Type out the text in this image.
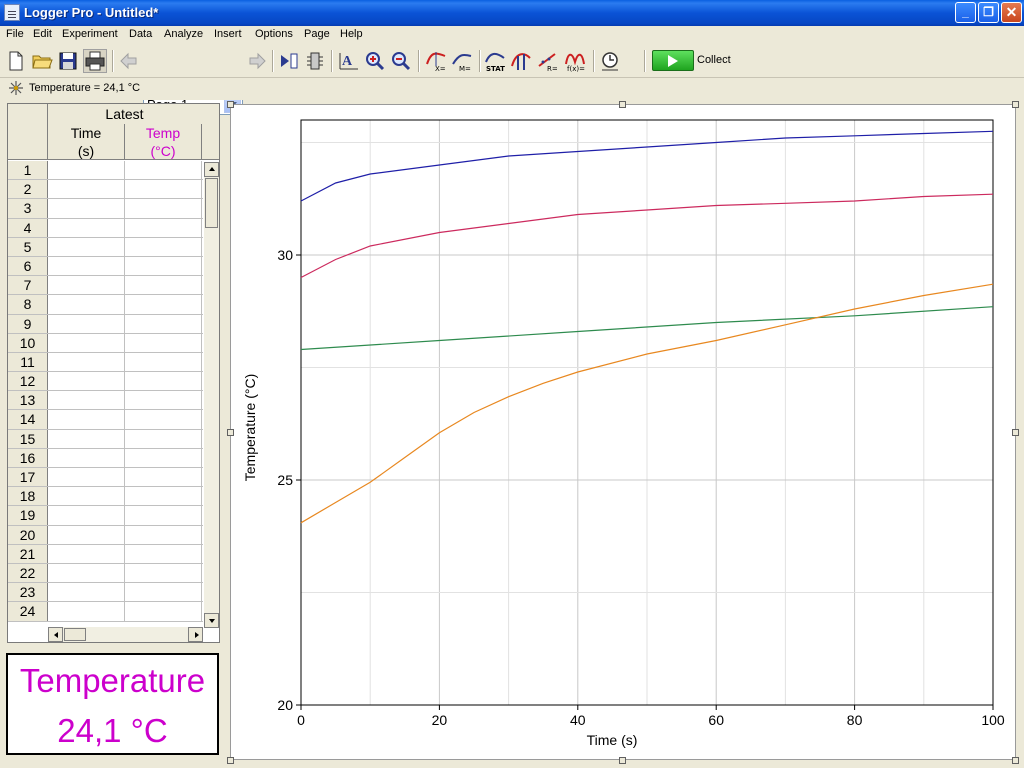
Logger Pro - Untitled*	_	❐ ✕
File Edit Experiment Data Analyze Insert Options Page Help
A	X= M= STAT	R= f(x)=
Collect
Temperature = 24,1 °C
Latest
Time
(s)
Temp
(°C)
1
2
3
4
5
6
7
8
9
10
11
12
13
14
15
16
17
18
19
20
21
22
23
24
Temperature
24,1 °C	0	20	40	60	80	100
20
25
30
Time (s)
Temperature (°C)
